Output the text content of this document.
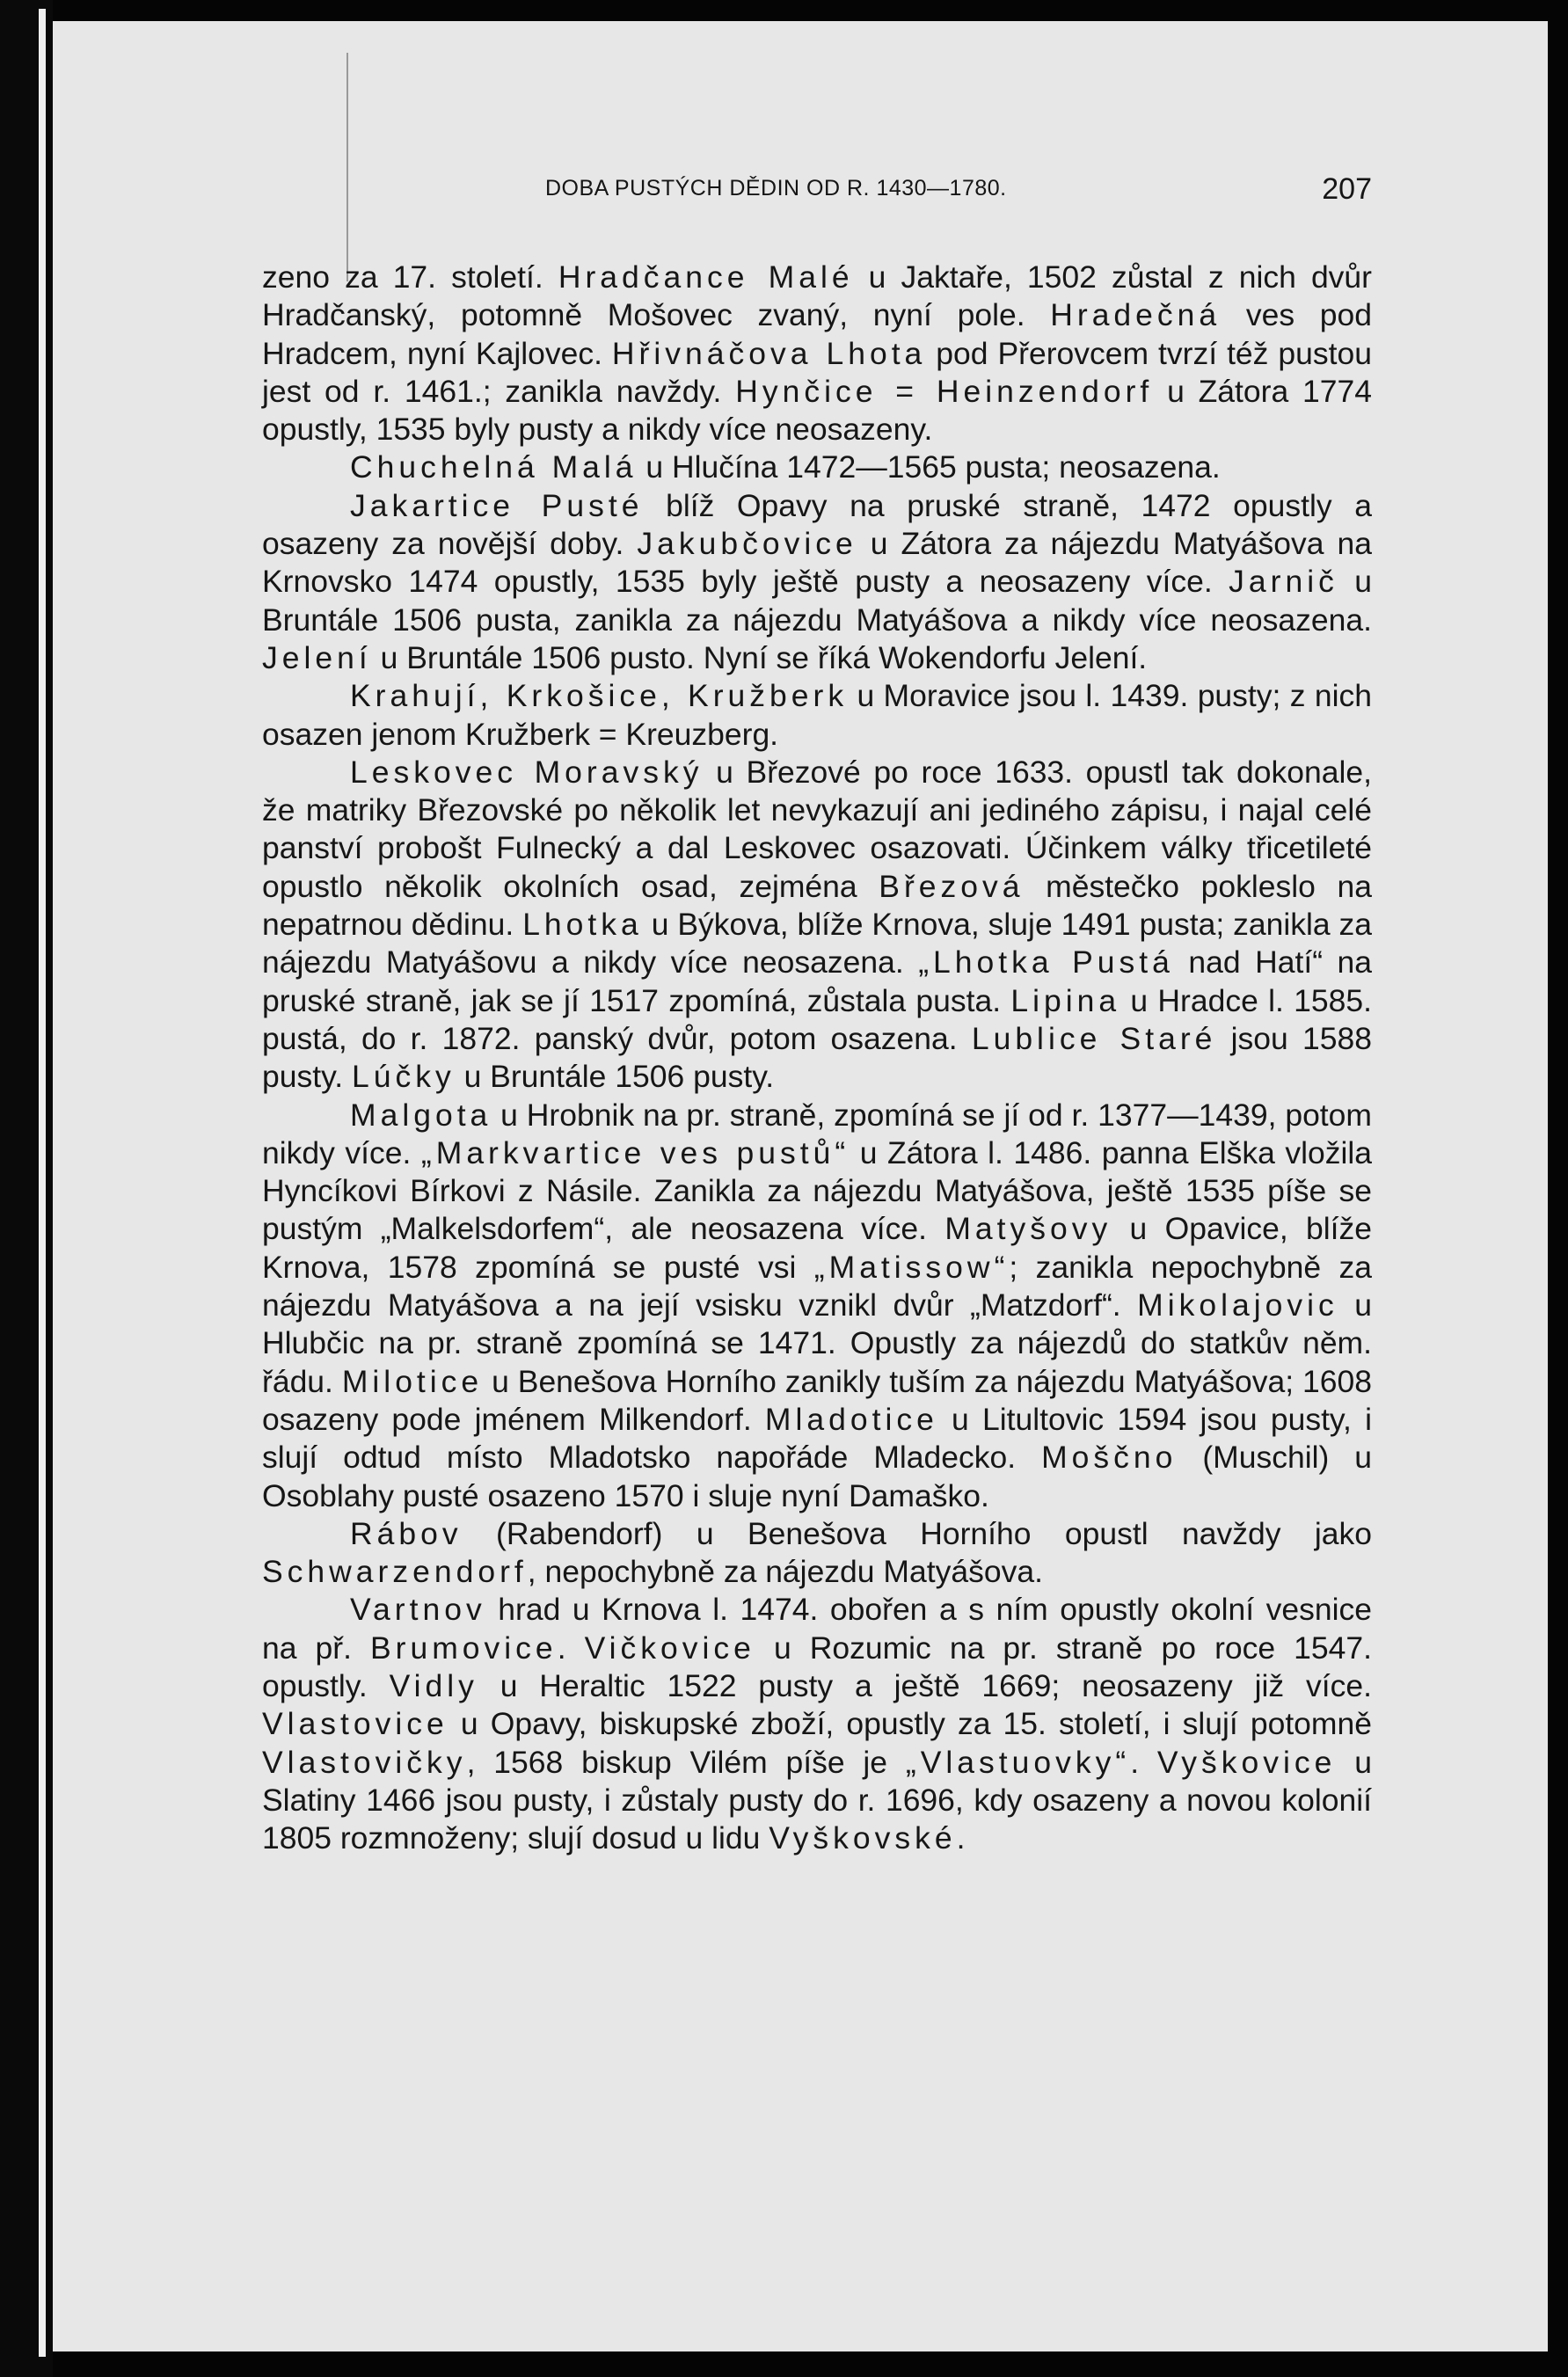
DOBA PUSTÝCH DĚDIN OD R. 1430—1780.	207

zeno za 17. století. Hradčance Malé u Jaktaře, 1502 zůstal z nich dvůr Hradčanský, potomně Mošovec zvaný, nyní pole. Hradečná ves pod Hradcem, nyní Kajlovec. Hřivnáčova Lhota pod Přerovcem tvrzí též pustou jest od r. 1461.; zanikla navždy. Hynčice = Heinzendorf u Zátora 1774 opustly, 1535 byly pusty a nikdy více neosazeny.

Chuchelná Malá u Hlučína 1472—1565 pusta; neosazena.

Jakartice Pusté blíž Opavy na pruské straně, 1472 opustly a osazeny za novější doby. Jakubčovice u Zátora za nájezdu Matyášova na Krnovsko 1474 opustly, 1535 byly ještě pusty a neosazeny více. Jarnič u Bruntále 1506 pusta, zanikla za nájezdu Matyášova a nikdy více neosazena. Jelení u Bruntále 1506 pusto. Nyní se říká Wokendorfu Jelení.

Krahují, Krkošice, Kružberk u Moravice jsou l. 1439. pusty; z nich osazen jenom Kružberk = Kreuzberg.

Leskovec Moravský u Březové po roce 1633. opustl tak dokonale, že matriky Březovské po několik let nevykazují ani jediného zápisu, i najal celé panství probošt Fulnecký a dal Leskovec osazovati. Účinkem války třicetileté opustlo několik okolních osad, zejména Březová městečko pokleslo na nepatrnou dědinu. Lhotka u Býkova, blíže Krnova, sluje 1491 pusta; zanikla za nájezdu Matyášovu a nikdy více neosazena. „Lhotka Pustá nad Hatí“ na pruské straně, jak se jí 1517 zpomíná, zůstala pusta. Lipina u Hradce l. 1585. pustá, do r. 1872. panský dvůr, potom osazena. Lublice Staré jsou 1588 pusty. Lúčky u Bruntále 1506 pusty.

Malgota u Hrobnik na pr. straně, zpomíná se jí od r. 1377—1439, potom nikdy více. „Markvartice ves pustů“ u Zátora l. 1486. panna Elška vložila Hyncíkovi Bírkovi z Násile. Zanikla za nájezdu Matyášova, ještě 1535 píše se pustým „Malkelsdorfem“, ale neosazena více. Matyšovy u Opavice, blíže Krnova, 1578 zpomíná se pusté vsi „Matissow“; zanikla nepochybně za nájezdu Matyášova a na její vsisku vznikl dvůr „Matzdorf“. Mikolajovic u Hlubčic na pr. straně zpomíná se 1471. Opustly za nájezdů do statkův něm. řádu. Milotice u Benešova Horního zanikly tuším za nájezdu Matyášova; 1608 osazeny pode jménem Milkendorf. Mladotice u Litultovic 1594 jsou pusty, i slují odtud místo Mladotsko napořáde Mladecko. Moščno (Muschil) u Osoblahy pusté osazeno 1570 i sluje nyní Damaško.

Rábov (Rabendorf) u Benešova Horního opustl navždy jako Schwarzendorf, nepochybně za nájezdu Matyášova.

Vartnov hrad u Krnova l. 1474. obořen a s ním opustly okolní vesnice na př. Brumovice. Vičkovice u Rozumic na pr. straně po roce 1547. opustly. Vidly u Heraltic 1522 pusty a ještě 1669; neosazeny již více. Vlastovice u Opavy, biskupské zboží, opustly za 15. století, i slují potomně Vlastovičky, 1568 biskup Vilém píše je „Vlastuovky“. Vyškovice u Slatiny 1466 jsou pusty, i zůstaly pusty do r. 1696, kdy osazeny a novou kolonií 1805 rozmnoženy; slují dosud u lidu Vyškovské.
